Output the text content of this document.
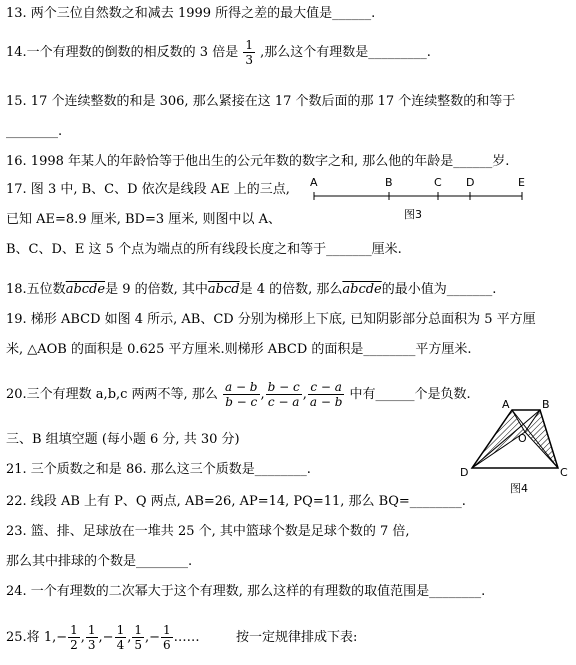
13. 两个三位自然数之和减去 1999 所得之差的最大值是______.
14.一个有理数的倒数的相反数的 3 倍是 $\frac{1}{3}$ ,那么这个有理数是_________.
15. 17 个连续整数的和是 306, 那么紧接在这 17 个数后面的那 17 个连续整数的和等于
________.
16. 1998 年某人的年龄恰等于他出生的公元年数的数字之和, 那么他的年龄是______岁.
17. 图 3 中, B、C、D 依次是线段 AE 上的三点,
已知 AE=8.9 厘米, BD=3 厘米, 则图中以 A、
B、C、D、E 这 5 个点为端点的所有线段长度之和等于_______厘米.
A	B	C D	E
图3
18.五位数abcde是 9 的倍数, 其中abcd是 4 的倍数, 那么abcde的最小值为_______.
19. 梯形 ABCD 如图 4 所示, AB、CD 分别为梯形上下底, 已知阴影部分总面积为 5 平方厘
米, △AOB 的面积是 0.625 平方厘米.则梯形 ABCD 的面积是________平方厘米.
20.三个有理数 a,b,c 两两不等, 那么 $\frac{a - b}{b - c}$ , $\frac{b - c}{c - a}$ , $\frac{c - a}{a - b}$ 中有______个是负数.
三、B 组填空题 (每小题 6 分, 共 30 分)
21. 三个质数之和是 86. 那么这三个质数是________.
22. 线段 AB 上有 P、Q 两点, AB=26, AP=14, PQ=11, 那么 BQ=________.
23. 篮、排、足球放在一堆共 25 个, 其中篮球个数是足球个数的 7 倍,
那么其中排球的个数是________.
24. 一个有理数的二次幂大于这个有理数, 那么这样的有理数的取值范围是________.
25.将 $1,- \frac{1}{2}$ , $\frac{1}{3}$ ,− $\frac{1}{4}$ , $\frac{1}{5}$ ,− $\frac{1}{6}$ ……	按一定规律排成下表:
A	B
O
D	C
图4
